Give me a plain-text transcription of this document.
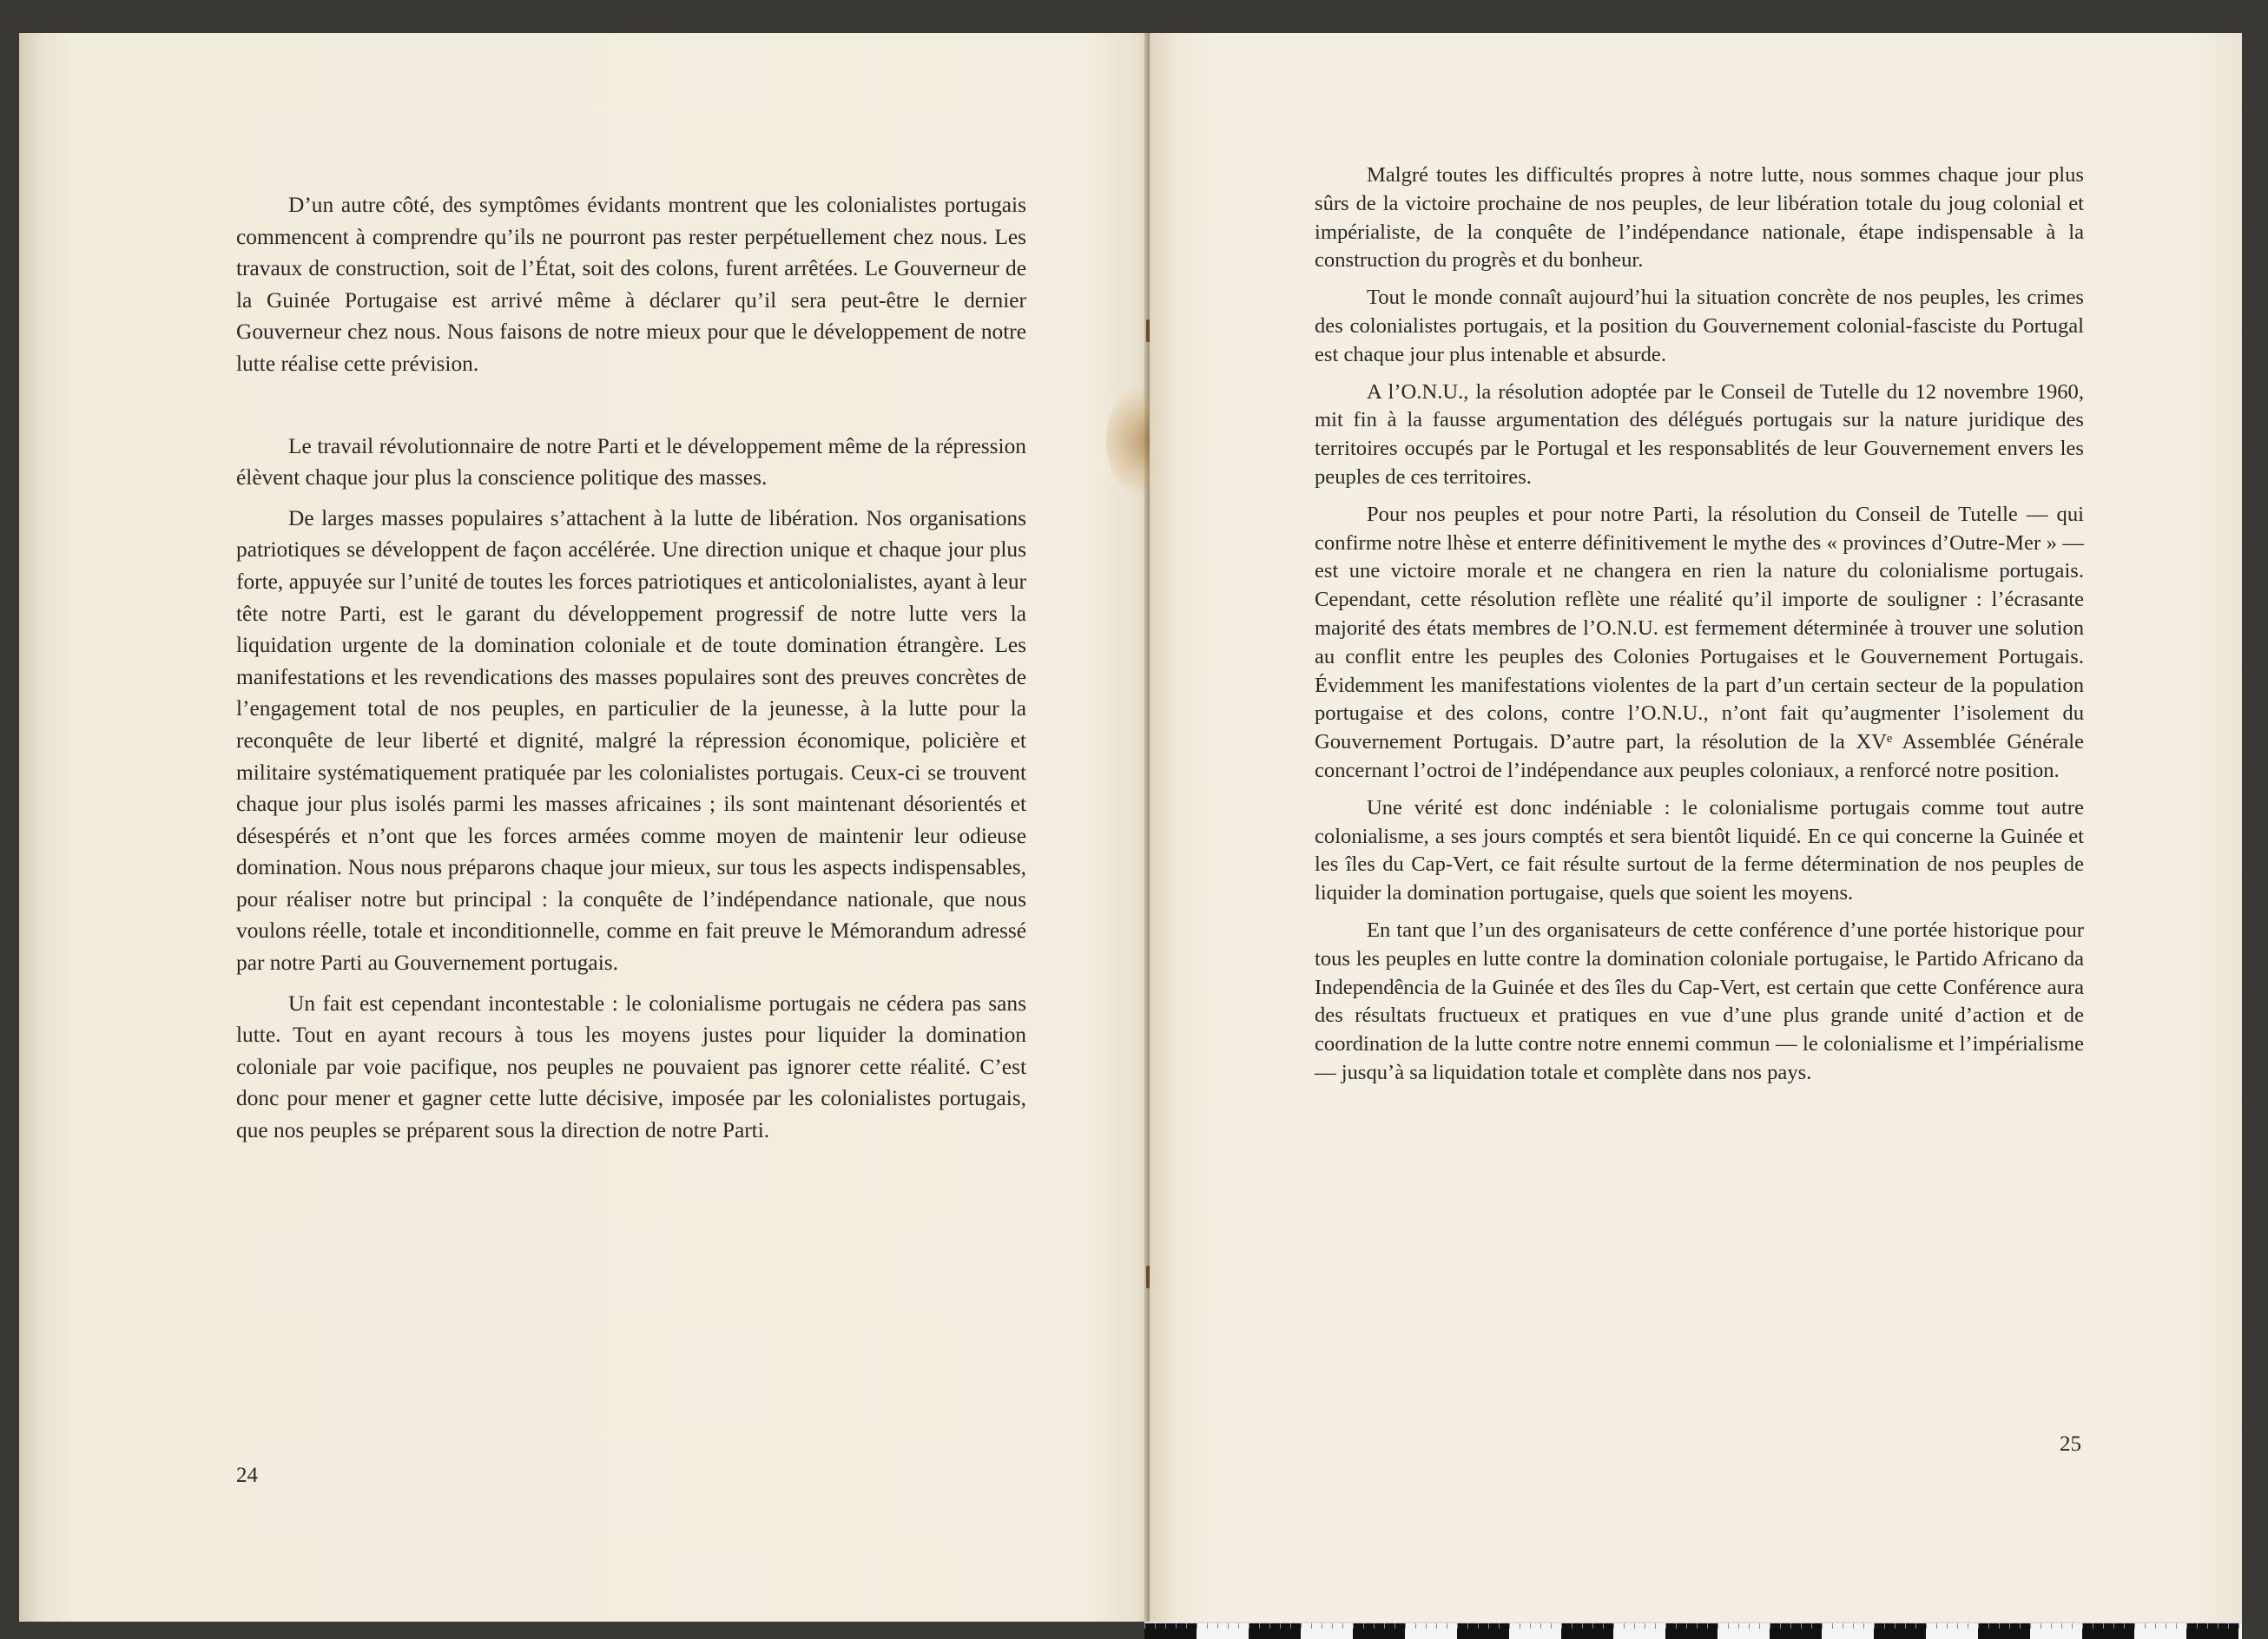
D’un autre côté, des symptômes évidants montrent que les colonialistes portugais commencent à comprendre qu’ils ne pourront pas rester perpétuellement chez nous. Les travaux de construction, soit de l’État, soit des colons, furent arrêtées. Le Gouverneur de la Guinée Portugaise est arrivé même à déclarer qu’il sera peut-être le dernier Gouverneur chez nous. Nous faisons de notre mieux pour que le développement de notre lutte réalise cette prévision.

Le travail révolutionnaire de notre Parti et le développement même de la répression élèvent chaque jour plus la conscience politique des masses.

De larges masses populaires s’attachent à la lutte de libération. Nos organisations patriotiques se développent de façon accélérée. Une direction unique et chaque jour plus forte, appuyée sur l’unité de toutes les forces patriotiques et anticolonialistes, ayant à leur tête notre Parti, est le garant du développement progressif de notre lutte vers la liquidation urgente de la domination coloniale et de toute domination étrangère. Les manifestations et les revendications des masses populaires sont des preuves concrètes de l’engagement total de nos peuples, en particulier de la jeunesse, à la lutte pour la reconquête de leur liberté et dignité, malgré la répression économique, policière et militaire systématiquement pratiquée par les colonialistes portugais. Ceux-ci se trouvent chaque jour plus isolés parmi les masses africaines ; ils sont maintenant désorientés et désespérés et n’ont que les forces armées comme moyen de maintenir leur odieuse domination. Nous nous préparons chaque jour mieux, sur tous les aspects indispensables, pour réaliser notre but principal : la conquête de l’indépendance nationale, que nous voulons réelle, totale et inconditionnelle, comme en fait preuve le Mémorandum adressé par notre Parti au Gouvernement portugais.

Un fait est cependant incontestable : le colonialisme portugais ne cédera pas sans lutte. Tout en ayant recours à tous les moyens justes pour liquider la domination coloniale par voie pacifique, nos peuples ne pouvaient pas ignorer cette réalité. C’est donc pour mener et gagner cette lutte décisive, imposée par les colonialistes portugais, que nos peuples se préparent sous la direction de notre Parti.

24

Malgré toutes les difficultés propres à notre lutte, nous sommes chaque jour plus sûrs de la victoire prochaine de nos peuples, de leur libération totale du joug colonial et impérialiste, de la conquête de l’indépendance nationale, étape indispensable à la construction du progrès et du bonheur.

Tout le monde connaît aujourd’hui la situation concrète de nos peuples, les crimes des colonialistes portugais, et la position du Gouvernement colonial-fasciste du Portugal est chaque jour plus intenable et absurde.

A l’O.N.U., la résolution adoptée par le Conseil de Tutelle du 12 novembre 1960, mit fin à la fausse argumentation des délégués portugais sur la nature juridique des territoires occupés par le Portugal et les responsablités de leur Gouvernement envers les peuples de ces territoires.

Pour nos peuples et pour notre Parti, la résolution du Conseil de Tutelle — qui confirme notre lhèse et enterre définitivement le mythe des « provinces d’Outre-Mer » — est une victoire morale et ne changera en rien la nature du colonialisme portugais. Cependant, cette résolution reflète une réalité qu’il importe de souligner : l’écrasante majorité des états membres de l’O.N.U. est fermement déterminée à trouver une solution au conflit entre les peuples des Colonies Portugaises et le Gouvernement Portugais. Évidemment les manifestations violentes de la part d’un certain secteur de la population portugaise et des colons, contre l’O.N.U., n’ont fait qu’augmenter l’isolement du Gouvernement Portugais. D’autre part, la résolution de la XVᵉ Assemblée Générale concernant l’octroi de l’indépendance aux peuples coloniaux, a renforcé notre position.

Une vérité est donc indéniable : le colonialisme portugais comme tout autre colonialisme, a ses jours comptés et sera bientôt liquidé. En ce qui concerne la Guinée et les îles du Cap-Vert, ce fait résulte surtout de la ferme détermination de nos peuples de liquider la domination portugaise, quels que soient les moyens.

En tant que l’un des organisateurs de cette conférence d’une portée historique pour tous les peuples en lutte contre la domination coloniale portugaise, le Partido Africano da Independência de la Guinée et des îles du Cap-Vert, est certain que cette Conférence aura des résultats fructueux et pratiques en vue d’une plus grande unité d’action et de coordination de la lutte contre notre ennemi commun — le colonialisme et l’impérialisme — jusqu’à sa liquidation totale et complète dans nos pays.

25
